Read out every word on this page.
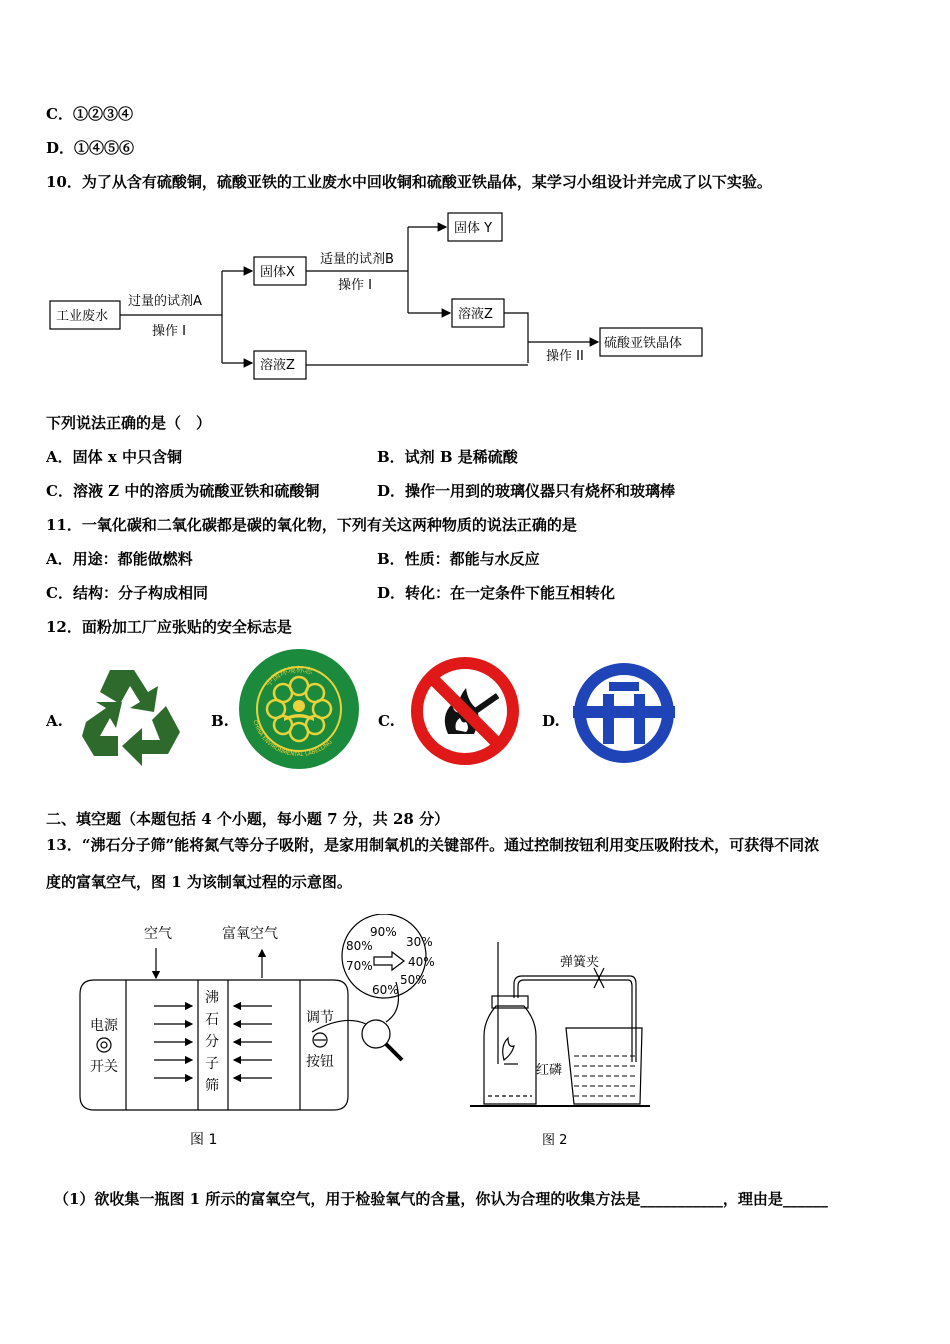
C．①②③④
D．①④⑤⑥
10．为了从含有硫酸铜，硫酸亚铁的工业废水中回收铜和硫酸亚铁晶体，某学习小组设计并完成了以下实验。
工业废水
过量的试剂A
操作 I
固体X
适量的试剂B
操作 I
固体 Y
溶液Z
溶液Z
操作 II
硫酸亚铁晶体
下列说法正确的是（　）
A．固体 x 中只含铜	B．试剂 B 是稀硫酸
C．溶液 Z 中的溶质为硫酸亚铁和硫酸铜	D．操作一用到的玻璃仪器只有烧杯和玻璃棒
11．一氧化碳和二氧化碳都是碳的氧化物，下列有关这两种物质的说法正确的是
A．用途：都能做燃料	B．性质：都能与水反应
C．结构：分子构成相同	D．转化：在一定条件下能互相转化
12．面粉加工厂应张贴的安全标志是
A.	B.
中国环境标志
CHINA ENVIRONMENTAL LABELLING
C.	D.
二、填空题（本题包括 4 个小题，每小题 7 分，共 28 分）
13．“沸石分子筛”能将氮气等分子吸附，是家用制氧机的关键部件。通过控制按钮利用变压吸附技术，可获得不同浓
度的富氧空气，图 1 为该制氧过程的示意图。
空气	富氧空气
电源
开关
沸
石
分
子
筛
调节
按钮
图 1
90%
30%
80%
40%
70%
50%
60%
弹簧夹
红磷
图 2
（1）欲收集一瓶图 1 所示的富氧空气，用于检验氧气的含量，你认为合理的收集方法是___________，理由是______
